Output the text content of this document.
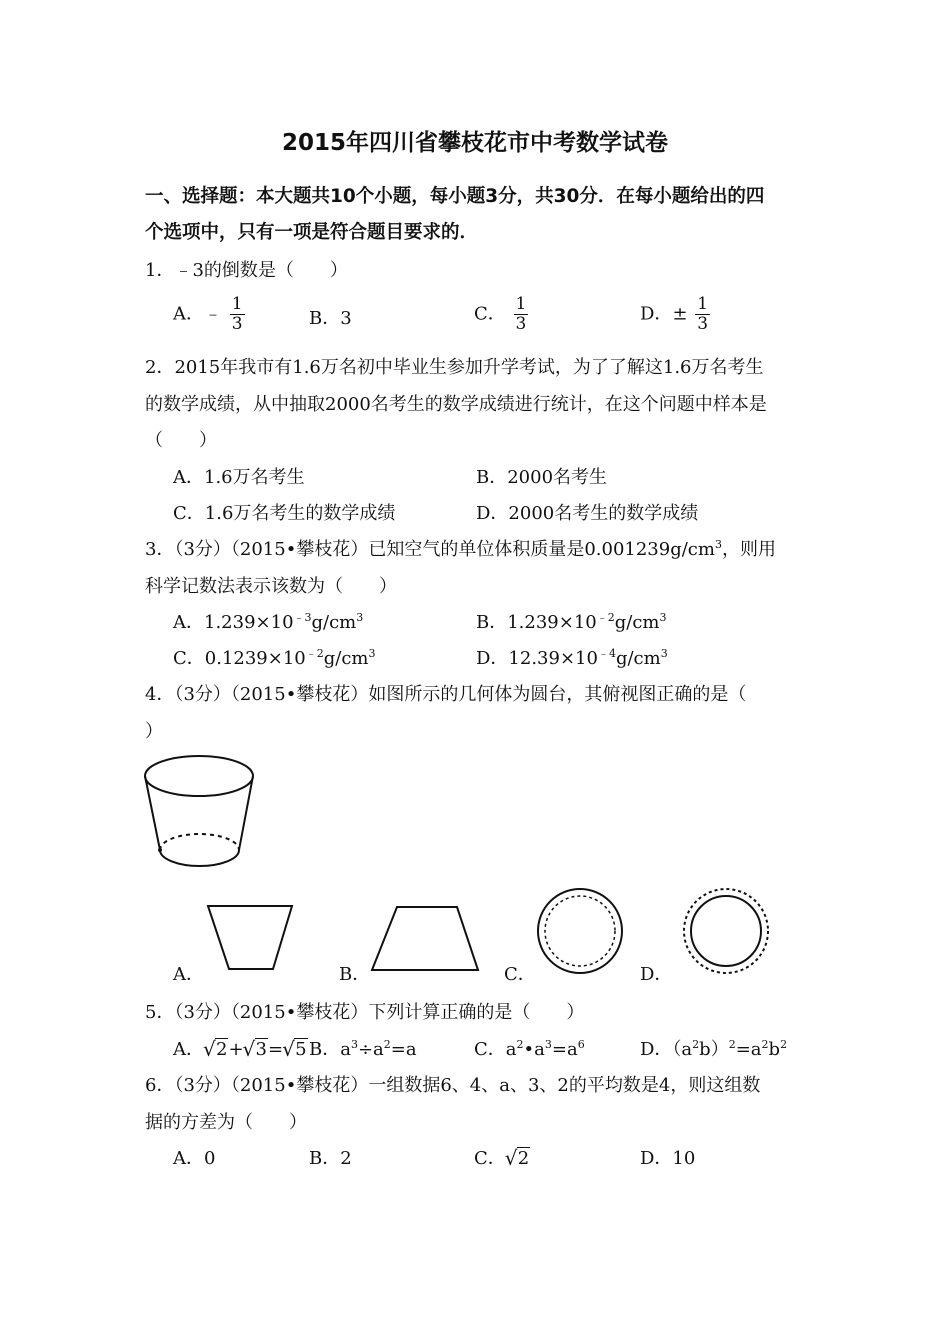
2015年四川省攀枝花市中考数学试卷
一、选择题：本大题共10个小题，每小题3分，共30分．在每小题给出的四
个选项中，只有一项是符合题目要求的．
1．﹣3的倒数是（　　）
A．﹣ $\frac{1}{3}$	B．3	C． $\frac{1}{3}$	D．± $\frac{1}{3}$
2．2015年我市有1.6万名初中毕业生参加升学考试，为了了解这1.6万名考生
的数学成绩，从中抽取2000名考生的数学成绩进行统计，在这个问题中样本是
（　　）
A．1.6万名考生	B．2000名考生
C．1.6万名考生的数学成绩	D．2000名考生的数学成绩
3．（3分）（2015•攀枝花）已知空气的单位体积质量是$0.001239g/cm^3$，则用
科学记数法表示该数为（　　）
A．$1.239\times 10^{﹣3}g/cm^3$	B．$1.239\times 10^{﹣2}g/cm^3$
C．$0.1239\times 10^{﹣2}g/cm^3$	D．$12.39\times 10^{﹣4}g/cm^3$
4．（3分）（2015•攀枝花）如图所示的几何体为圆台，其俯视图正确的是（
）
A．	B．	C．	D．
5．（3分）（2015•攀枝花）下列计算正确的是（　　）
A． √ 2+ √ 3= √ 5 B．$a^3\div a^2=a$	C．$a^2•a^3=a^6$	D．$(a^2b)^2=a^2b^2$
6．（3分）（2015•攀枝花）一组数据6、4、a、3、2的平均数是4，则这组数
据的方差为（　　）
A．0	B．2	C． √ 2	D．10
